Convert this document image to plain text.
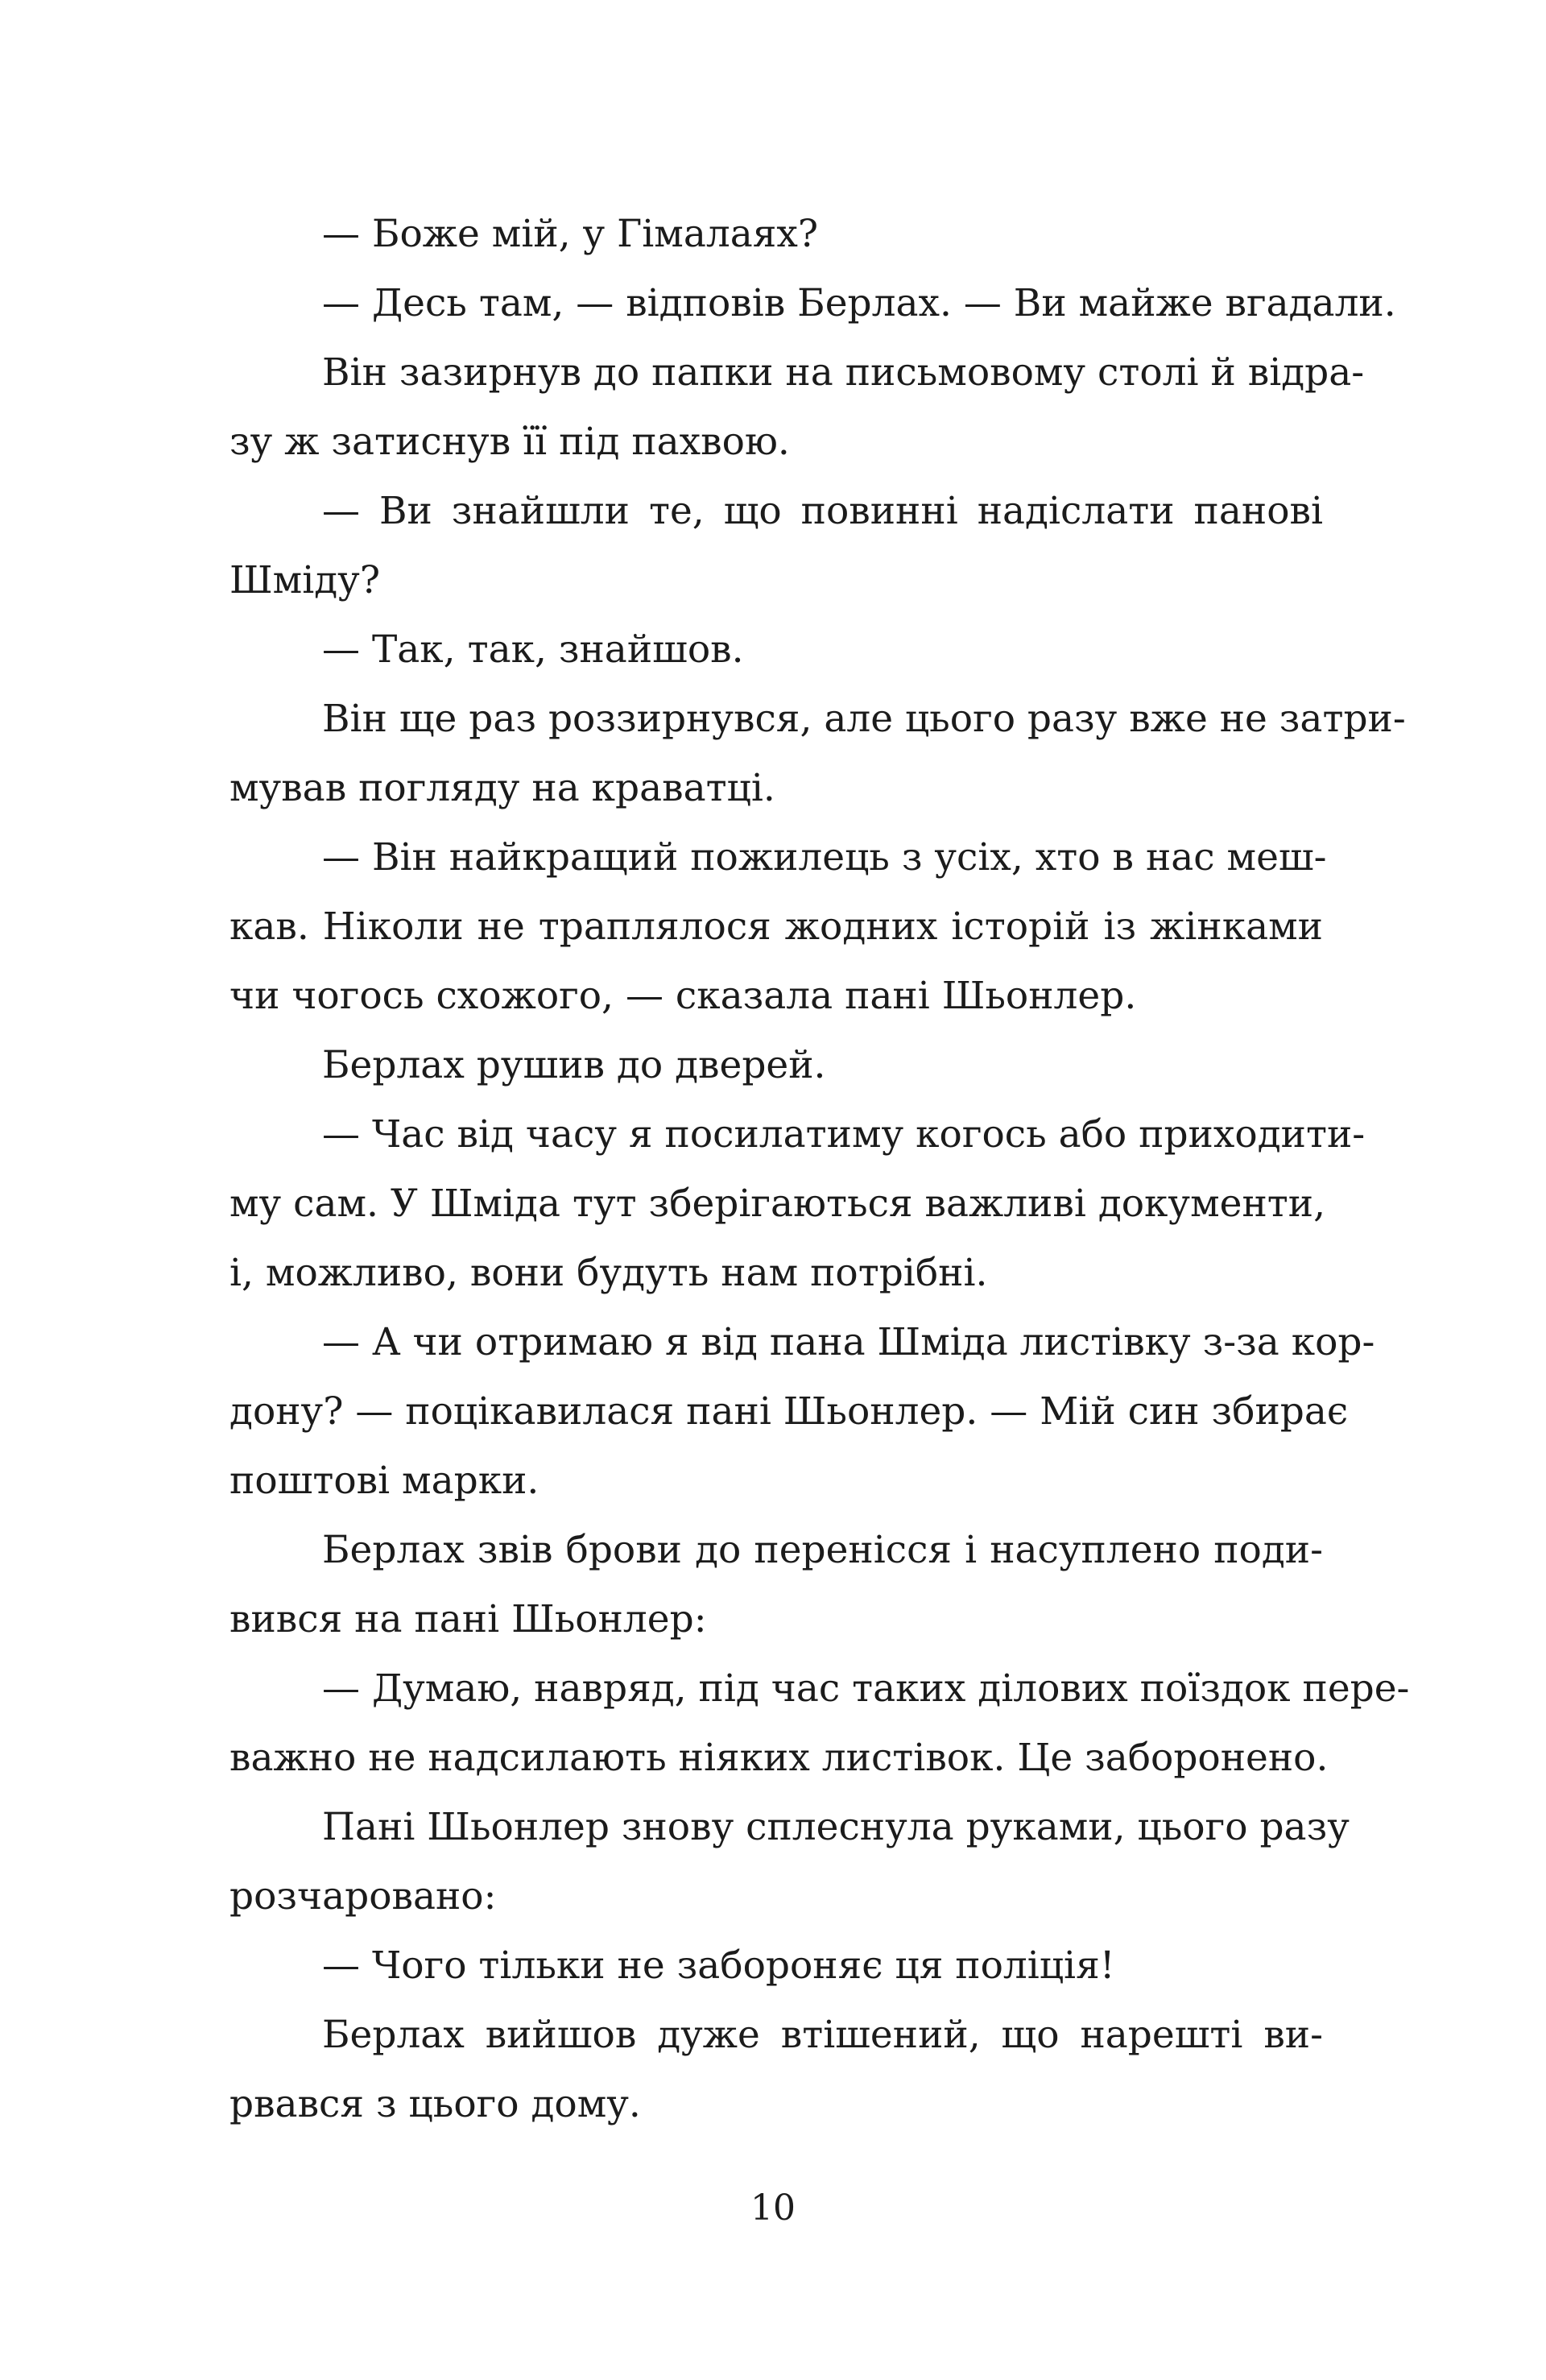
— Боже мій, у Гімалаях?
— Десь там, — відповів Берлах. — Ви майже вгадали.
Він зазирнув до папки на письмовому столі й відра-
зу ж затиснув її під пахвою.
— Ви знайшли те, що повинні надіслати панові
Шміду?
— Так, так, знайшов.
Він ще раз роззирнувся, але цього разу вже не затри-
мував погляду на краватці.
— Він найкращий пожилець з усіх, хто в нас меш-
кав. Ніколи не траплялося жодних історій із жінками
чи чогось схожого, — сказала пані Шьонлер.
Берлах рушив до дверей.
— Час від часу я посилатиму когось або приходити-
му сам. У Шміда тут зберігаються важливі документи,
і, можливо, вони будуть нам потрібні.
— А чи отримаю я від пана Шміда листівку з-за кор-
дону? — поцікавилася пані Шьонлер. — Мій син збирає
поштові марки.
Берлах звів брови до перенісся і насуплено поди-
вився на пані Шьонлер:
— Думаю, навряд, під час таких ділових поїздок пере-
важно не надсилають ніяких листівок. Це заборонено.
Пані Шьонлер знову сплеснула руками, цього разу
розчаровано:
— Чого тільки не забороняє ця поліція!
Берлах вийшов дуже втішений, що нарешті ви-
рвався з цього дому.
10
